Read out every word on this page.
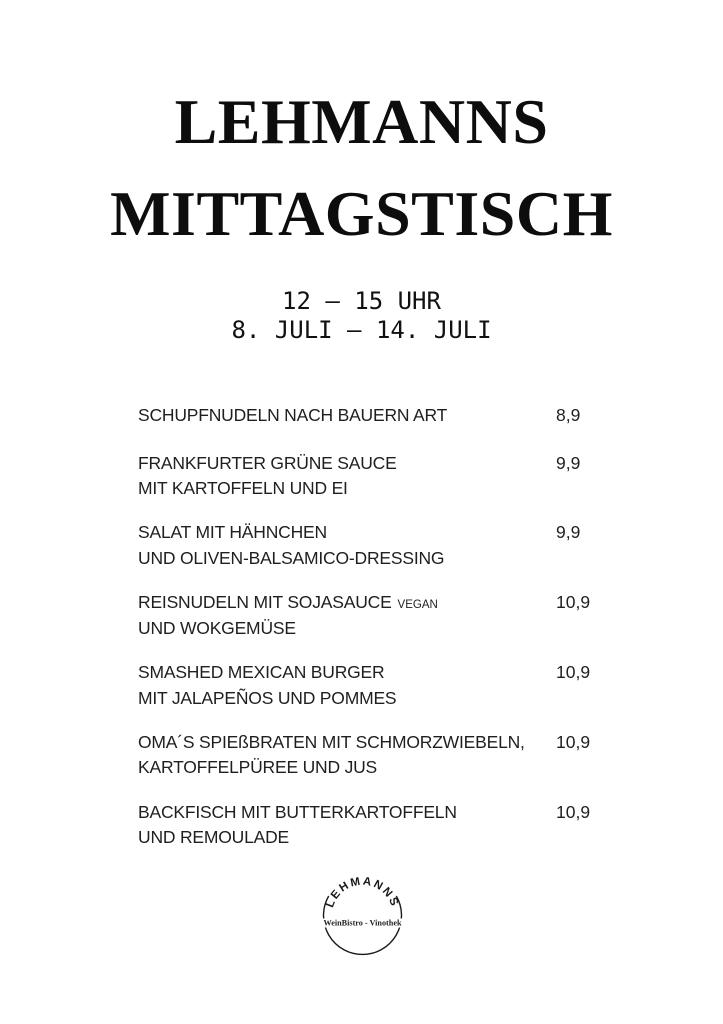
LEHMANNS
MITTAGSTISCH
12 – 15 UHR
8. JULI – 14. JULI
SCHUPFNUDELN NACH BAUERN ART	8,9
FRANKFURTER GRÜNE SAUCE
MIT KARTOFFELN UND EI
9,9
SALAT MIT HÄHNCHEN
UND OLIVEN-BALSAMICO-DRESSING
9,9
REISNUDELN MIT SOJASAUCE VEGAN
UND WOKGEMÜSE
10,9
SMASHED MEXICAN BURGER
MIT JALAPEÑOS UND POMMES
10,9
OMA´S SPIEßBRATEN MIT SCHMORZWIEBELN,
KARTOFFELPÜREE UND JUS
10,9
BACKFISCH MIT BUTTERKARTOFFELN
UND REMOULADE
10,9
LEHMANNS
WeinBistro - Vinothek
